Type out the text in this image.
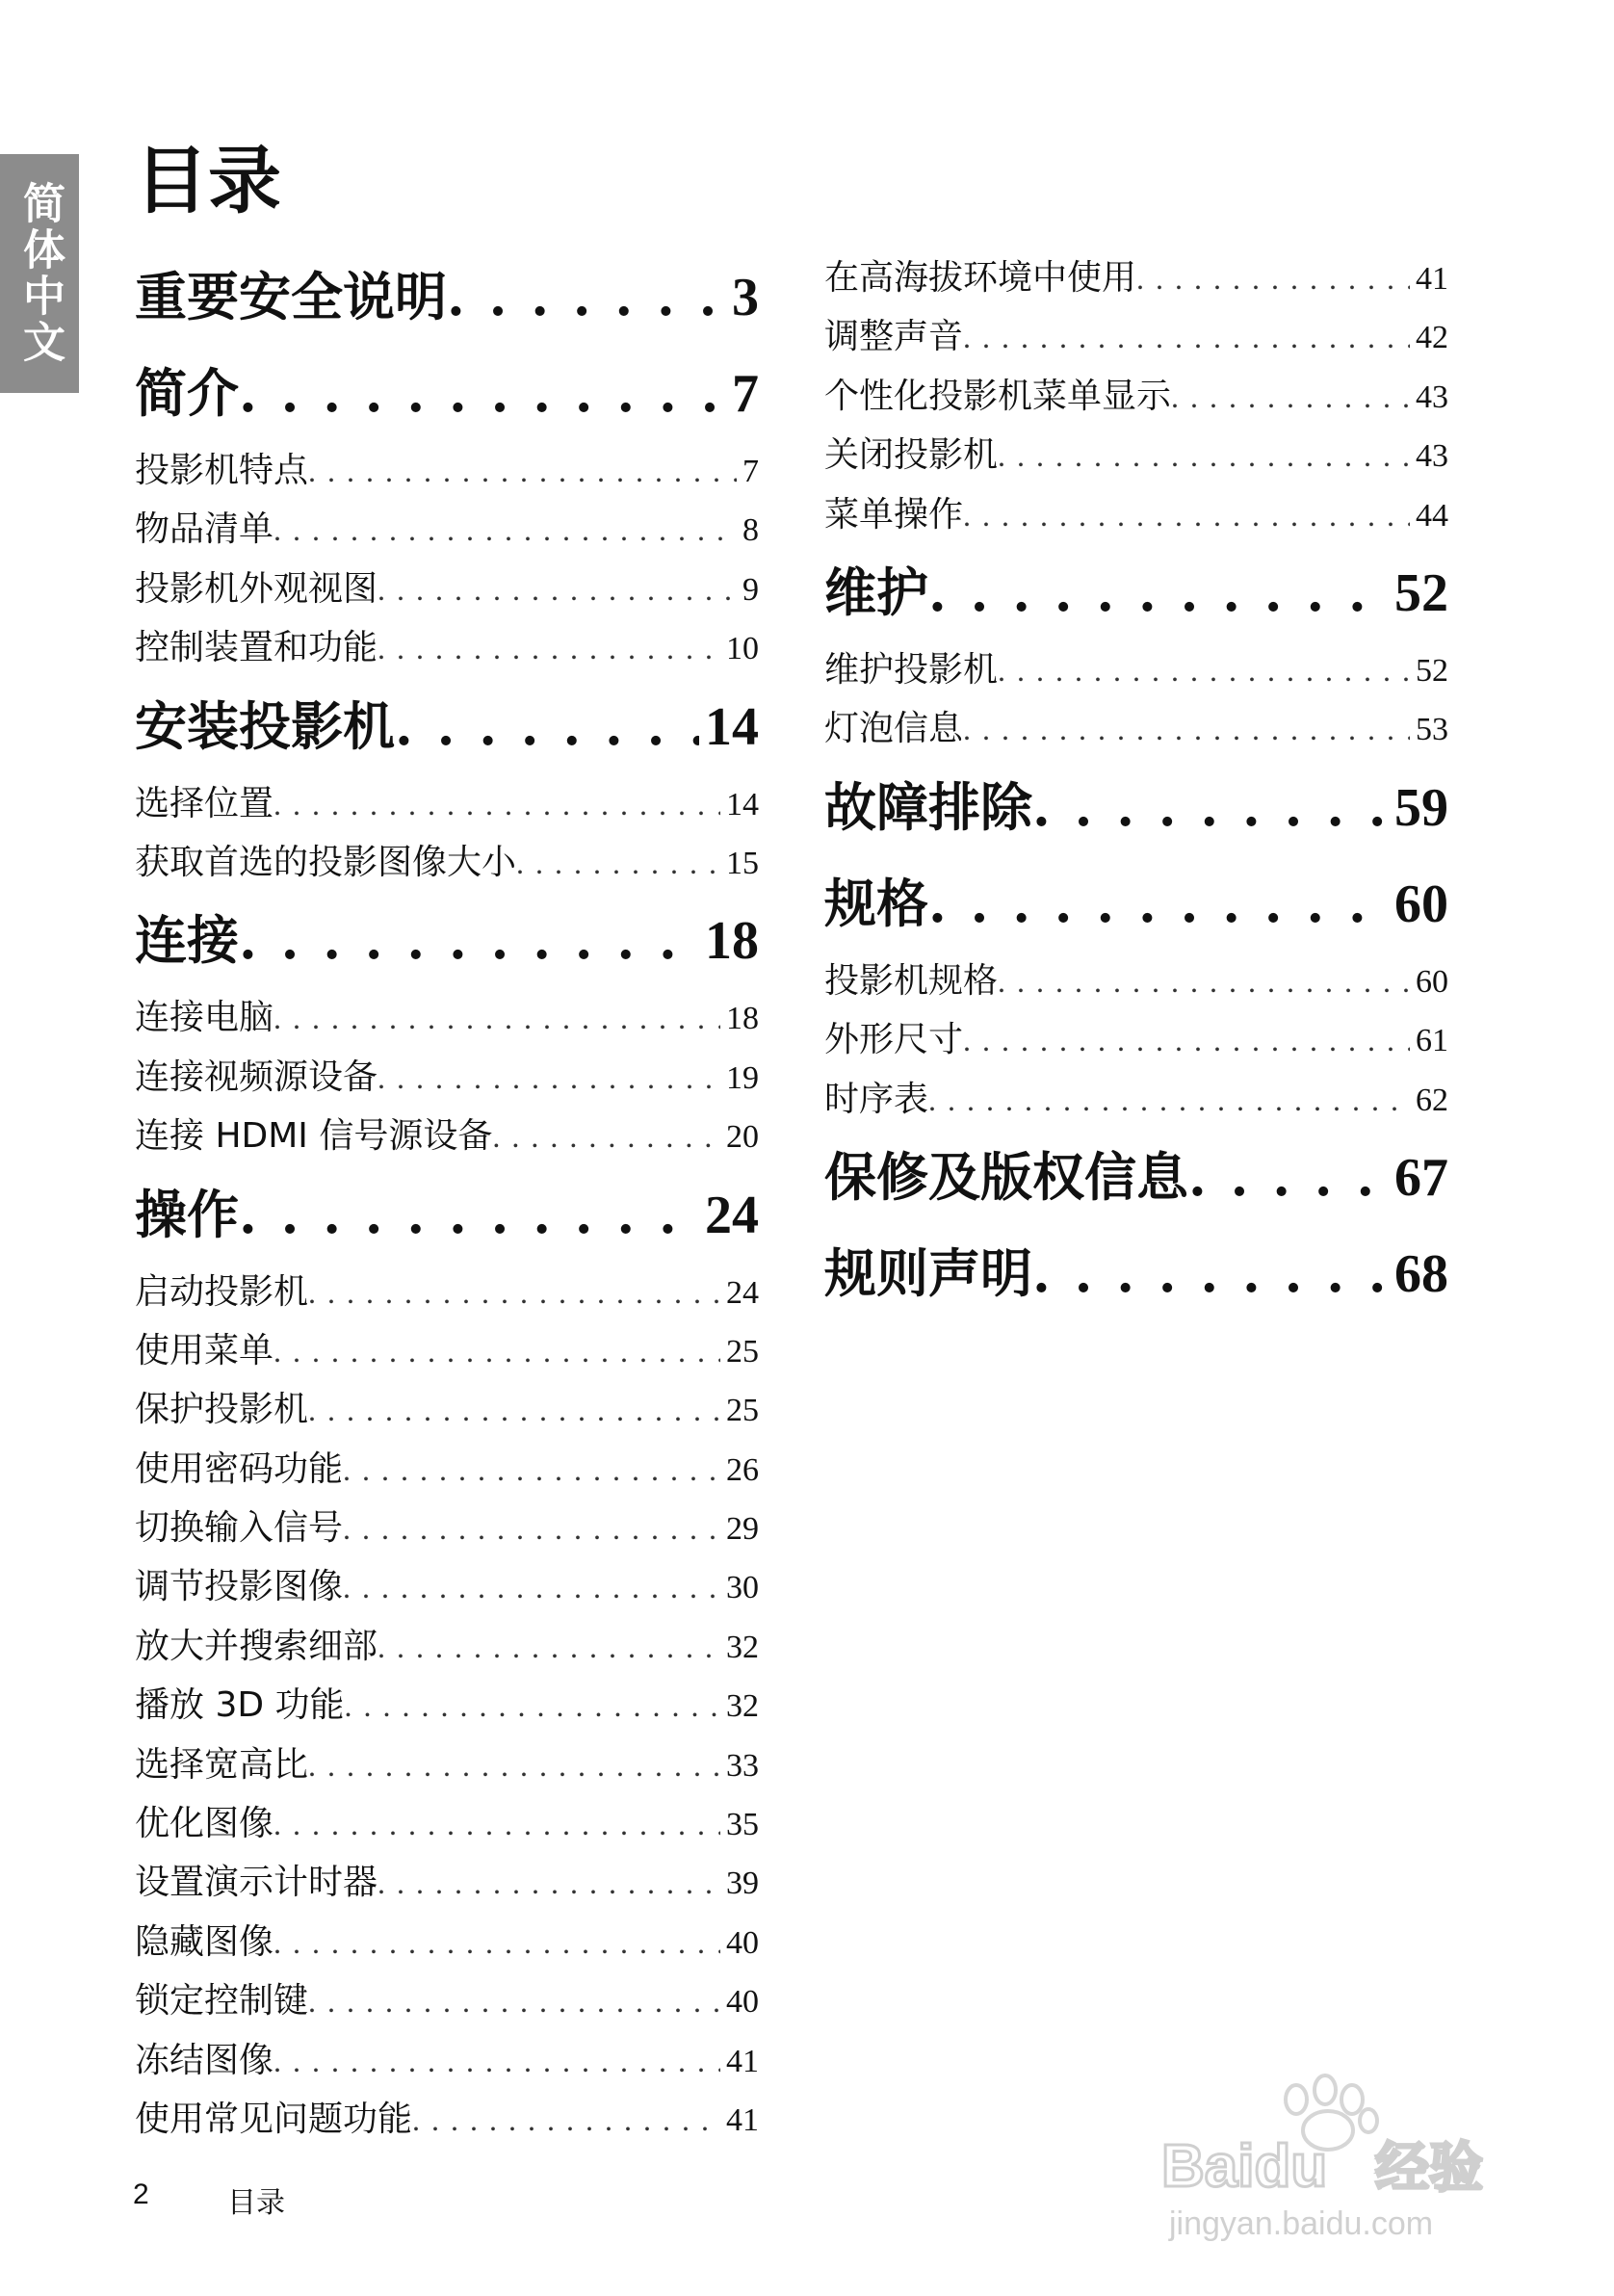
简体中文
目录
重要安全说明 . . .	3
简介 . . .	7
投影机特点 . . .	7
物品清单 . . .	8
投影机外观视图 . . .	9
控制装置和功能 . . .	10
安装投影机 . . .	14
选择位置 . . .	14
获取首选的投影图像大小 . . .	15
连接 . . .	18
连接电脑 . . .	18
连接视频源设备 . . .	19
连接 HDMI 信号源设备 . . .	20
操作 . . .	24
启动投影机 . . .	24
使用菜单 . . .	25
保护投影机 . . .	25
使用密码功能 . . .	26
切换输入信号 . . .	29
调节投影图像 . . .	30
放大并搜索细部 . . .	32
播放 3D 功能 . . .	32
选择宽高比 . . .	33
优化图像 . . .	35
设置演示计时器 . . .	39
隐藏图像 . . .	40
锁定控制键 . . .	40
冻结图像 . . .	41
使用常见问题功能 . . .	41
在高海拔环境中使用 . . .	41
调整声音 . . .	42
个性化投影机菜单显示 . . .	43
关闭投影机 . . .	43
菜单操作 . . .	44
维护 . . .	52
维护投影机 . . .	52
灯泡信息 . . .	53
故障排除 . . .	59
规格 . . .	60
投影机规格 . . .	60
外形尺寸 . . .	61
时序表 . . .	62
保修及版权信息 . . .	67
规则声明 . . .	68
2	目录
Baidu 经验
jingyan.baidu.com
